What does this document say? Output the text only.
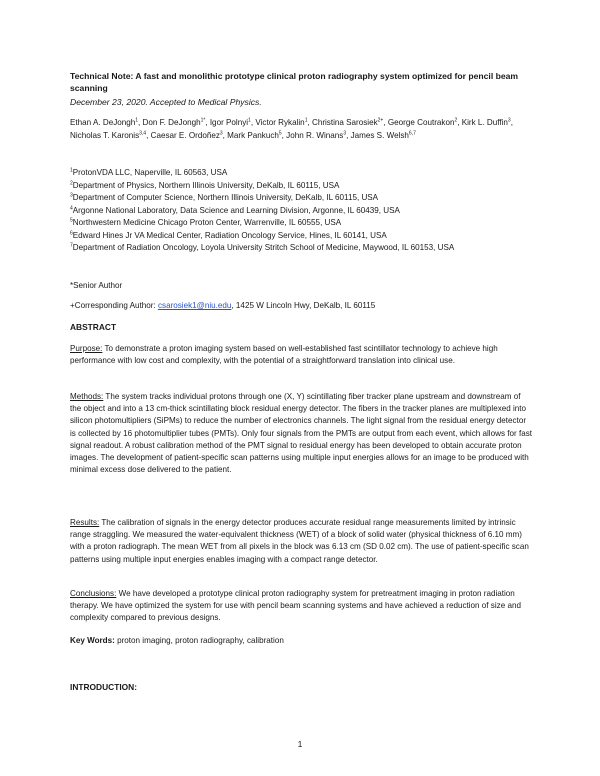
Technical Note: A fast and monolithic prototype clinical proton radiography system optimized for pencil beam scanning
December 23, 2020. Accepted to Medical Physics.
Ethan A. DeJongh$^1$, Don F. DeJongh$^{1*}$, Igor Polnyi$^1$, Victor Rykalin$^1$, Christina Sarosiek$^{2+}$, George Coutrakon$^2$, Kirk L. Duffin$^3$, Nicholas T. Karonis$^{3,4}$, Caesar E. Ordoñez$^3$, Mark Pankuch$^5$, John R. Winans$^3$, James S. Welsh$^{6,7}$
$^1$ProtonVDA LLC, Naperville, IL 60563, USA
$^2$Department of Physics, Northern Illinois University, DeKalb, IL 60115, USA
$^3$Department of Computer Science, Northern Illinois University, DeKalb, IL 60115, USA
$^4$Argonne National Laboratory, Data Science and Learning Division, Argonne, IL 60439, USA
$^5$Northwestern Medicine Chicago Proton Center, Warrenville, IL 60555, USA
$^6$Edward Hines Jr VA Medical Center, Radiation Oncology Service, Hines, IL 60141, USA
$^7$Department of Radiation Oncology, Loyola University Stritch School of Medicine, Maywood, IL 60153, USA
*Senior Author
+Corresponding Author: csarosiek1@niu.edu, 1425 W Lincoln Hwy, DeKalb, IL 60115
ABSTRACT
Purpose: To demonstrate a proton imaging system based on well-established fast scintillator technology to achieve high performance with low cost and complexity, with the potential of a straightforward translation into clinical use.
Methods: The system tracks individual protons through one (X, Y) scintillating fiber tracker plane upstream and downstream of the object and into a 13 cm-thick scintillating block residual energy detector. The fibers in the tracker planes are multiplexed into silicon photomultipliers (SiPMs) to reduce the number of electronics channels. The light signal from the residual energy detector is collected by 16 photomultiplier tubes (PMTs). Only four signals from the PMTs are output from each event, which allows for fast signal readout. A robust calibration method of the PMT signal to residual energy has been developed to obtain accurate proton images. The development of patient-specific scan patterns using multiple input energies allows for an image to be produced with minimal excess dose delivered to the patient.
Results: The calibration of signals in the energy detector produces accurate residual range measurements limited by intrinsic range straggling. We measured the water-equivalent thickness (WET) of a block of solid water (physical thickness of 6.10 mm) with a proton radiograph. The mean WET from all pixels in the block was 6.13 cm (SD 0.02 cm). The use of patient-specific scan patterns using multiple input energies enables imaging with a compact range detector.
Conclusions: We have developed a prototype clinical proton radiography system for pretreatment imaging in proton radiation therapy. We have optimized the system for use with pencil beam scanning systems and have achieved a reduction of size and complexity compared to previous designs.
Key Words: proton imaging, proton radiography, calibration
INTRODUCTION:
1
